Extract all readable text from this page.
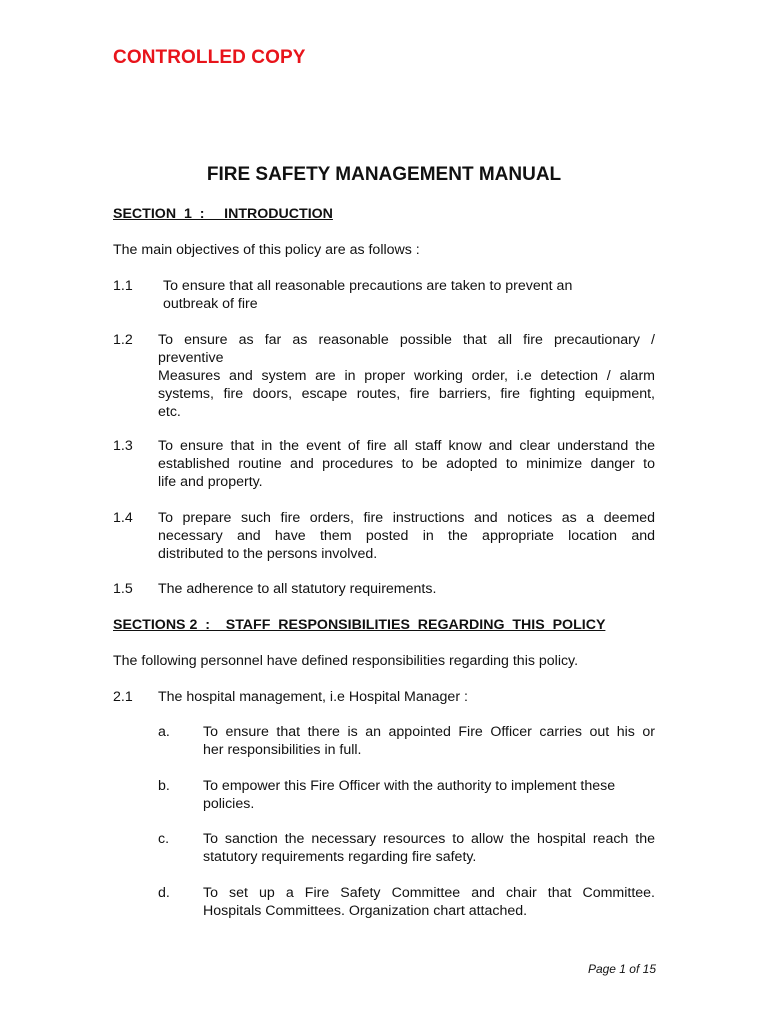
CONTROLLED COPY
FIRE SAFETY MANAGEMENT MANUAL
SECTION  1  :     INTRODUCTION
The main objectives of this policy are as follows :
1.1 To ensure that all reasonable precautions are taken to prevent an
outbreak of fire
1.2 To ensure as far as reasonable possible that all fire precautionary /
preventive
Measures and system are in proper working order, i.e detection / alarm
systems, fire doors, escape routes, fire barriers, fire fighting equipment,
etc.
1.3 To ensure that in the event of fire all staff know and clear understand the
established routine and procedures to be adopted to minimize danger to
life and property.
1.4 To prepare such fire orders, fire instructions and notices as a deemed
necessary and have them posted in the appropriate location and
distributed to the persons involved.
1.5 The adherence to all statutory requirements.
SECTIONS 2  :    STAFF  RESPONSIBILITIES  REGARDING  THIS  POLICY
The following personnel have defined responsibilities regarding this policy.
2.1 The hospital management, i.e Hospital Manager :
a. To ensure that there is an appointed Fire Officer carries out his or
her responsibilities in full.
b. To empower this Fire Officer with the authority to implement these
policies.
c. To sanction the necessary resources to allow the hospital reach the
statutory requirements regarding fire safety.
d. To set up a Fire Safety Committee and chair that Committee.
Hospitals Committees. Organization chart attached.
Page 1 of 15
